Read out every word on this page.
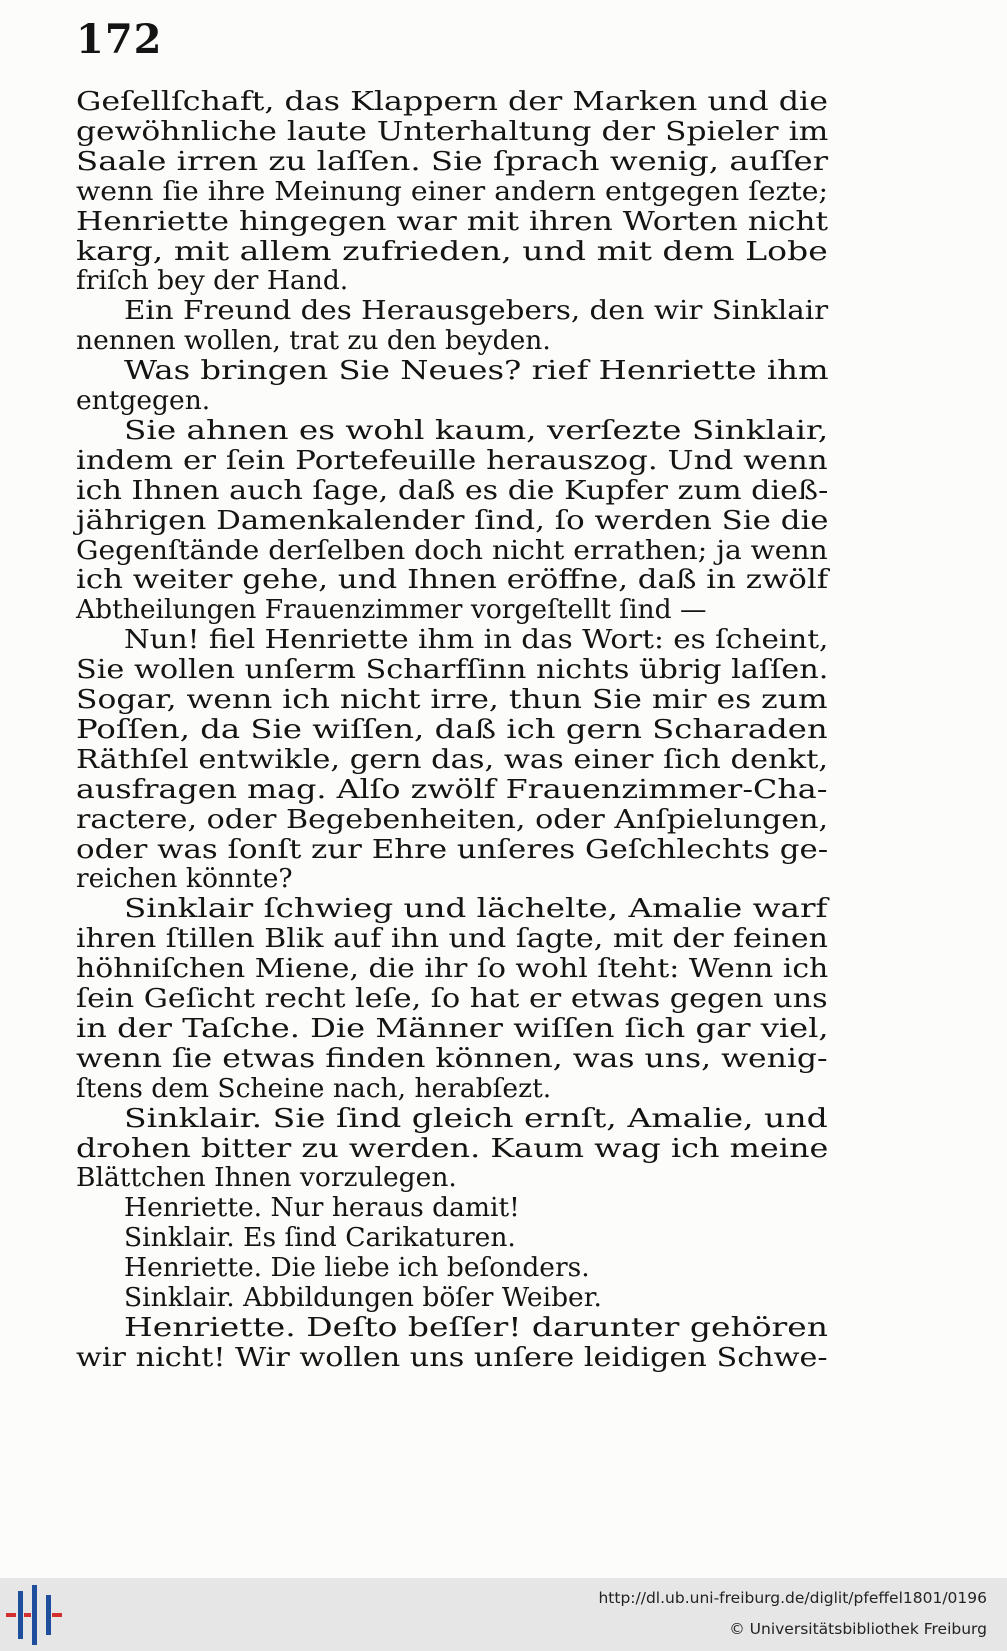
172
Geſellſchaft, das Klappern der Marken und die
gewöhnliche laute Unterhaltung der Spieler im
Saale irren zu laſſen. Sie ſprach wenig, auſſer
wenn ſie ihre Meinung einer andern entgegen ſezte;
Henriette hingegen war mit ihren Worten nicht
karg, mit allem zufrieden, und mit dem Lobe
friſch bey der Hand.
Ein Freund des Herausgebers, den wir Sinklair
nennen wollen, trat zu den beyden.
Was bringen Sie Neues? rief Henriette ihm
entgegen.
Sie ahnen es wohl kaum, verſezte Sinklair,
indem er ſein Portefeuille herauszog. Und wenn
ich Ihnen auch ſage, daß es die Kupfer zum dieß-
jährigen Damenkalender ſind, ſo werden Sie die
Gegenſtände derſelben doch nicht errathen; ja wenn
ich weiter gehe, und Ihnen eröffne, daß in zwölf
Abtheilungen Frauenzimmer vorgeſtellt ſind —
Nun! fiel Henriette ihm in das Wort: es ſcheint,
Sie wollen unſerm Scharfſinn nichts übrig laſſen.
Sogar, wenn ich nicht irre, thun Sie mir es zum
Poſſen, da Sie wiſſen, daß ich gern Scharaden
Räthſel entwikle, gern das, was einer ſich denkt,
ausfragen mag. Alſo zwölf Frauenzimmer-Cha-
ractere, oder Begebenheiten, oder Anſpielungen,
oder was ſonſt zur Ehre unſeres Geſchlechts ge-
reichen könnte?
Sinklair ſchwieg und lächelte, Amalie warf
ihren ſtillen Blik auf ihn und ſagte, mit der feinen
höhniſchen Miene, die ihr ſo wohl ſteht: Wenn ich
ſein Geſicht recht leſe, ſo hat er etwas gegen uns
in der Taſche. Die Männer wiſſen ſich gar viel,
wenn ſie etwas finden können, was uns, wenig-
ſtens dem Scheine nach, herabſezt.
Sinklair. Sie ſind gleich ernſt, Amalie, und
drohen bitter zu werden. Kaum wag ich meine
Blättchen Ihnen vorzulegen.
Henriette. Nur heraus damit!
Sinklair. Es ſind Carikaturen.
Henriette. Die liebe ich beſonders.
Sinklair. Abbildungen böſer Weiber.
Henriette. Deſto beſſer! darunter gehören
wir nicht! Wir wollen uns unſere leidigen Schwe-
http://dl.ub.uni-freiburg.de/diglit/pfeffel1801/0196
© Universitätsbibliothek Freiburg
